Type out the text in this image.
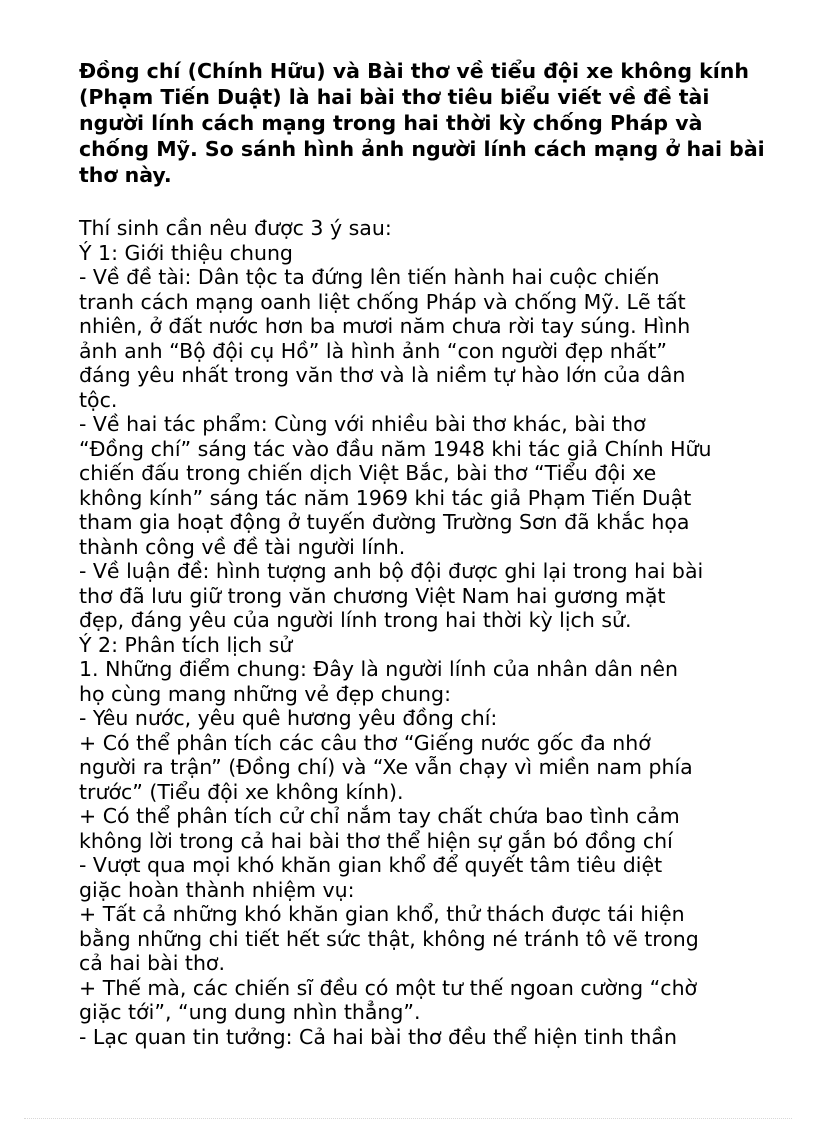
Đồng chí (Chính Hữu) và Bài thơ về tiểu đội xe không kính (Phạm Tiến Duật) là hai bài thơ tiêu biểu viết về đề tài người lính cách mạng trong hai thời kỳ chống Pháp và chống Mỹ. So sánh hình ảnh người lính cách mạng ở hai bài thơ này.

Thí sinh cần nêu được 3 ý sau:

Ý 1: Giới thiệu chung

- Về đề tài: Dân tộc ta đứng lên tiến hành hai cuộc chiến

tranh cách mạng oanh liệt chống Pháp và chống Mỹ. Lẽ tất

nhiên, ở đất nước hơn ba mươi năm chưa rời tay súng. Hình

ảnh anh “Bộ đội cụ Hồ” là hình ảnh “con người đẹp nhất”

đáng yêu nhất trong văn thơ và là niềm tự hào lớn của dân

tộc.

- Về hai tác phẩm: Cùng với nhiều bài thơ khác, bài thơ

“Đồng chí” sáng tác vào đầu năm 1948 khi tác giả Chính Hữu

chiến đấu trong chiến dịch Việt Bắc, bài thơ “Tiểu đội xe

không kính” sáng tác năm 1969 khi tác giả Phạm Tiến Duật

tham gia hoạt động ở tuyến đường Trường Sơn đã khắc họa

thành công về đề tài người lính.

- Về luận đề: hình tượng anh bộ đội được ghi lại trong hai bài

thơ đã lưu giữ trong văn chương Việt Nam hai gương mặt

đẹp, đáng yêu của người lính trong hai thời kỳ lịch sử.

Ý 2: Phân tích lịch sử

1. Những điểm chung: Đây là người lính của nhân dân nên

họ cùng mang những vẻ đẹp chung:

- Yêu nước, yêu quê hương yêu đồng chí:

+ Có thể phân tích các câu thơ “Giếng nước gốc đa nhớ

người ra trận” (Đồng chí) và “Xe vẫn chạy vì miền nam phía

trước” (Tiểu đội xe không kính).

+ Có thể phân tích cử chỉ nắm tay chất chứa bao tình cảm

không lời trong cả hai bài thơ thể hiện sự gắn bó đồng chí

- Vượt qua mọi khó khăn gian khổ để quyết tâm tiêu diệt

giặc hoàn thành nhiệm vụ:

+ Tất cả những khó khăn gian khổ, thử thách được tái hiện

bằng những chi tiết hết sức thật, không né tránh tô vẽ trong

cả hai bài thơ.

+ Thế mà, các chiến sĩ đều có một tư thế ngoan cường “chờ

giặc tới”, “ung dung nhìn thẳng”.

- Lạc quan tin tưởng: Cả hai bài thơ đều thể hiện tinh thần
